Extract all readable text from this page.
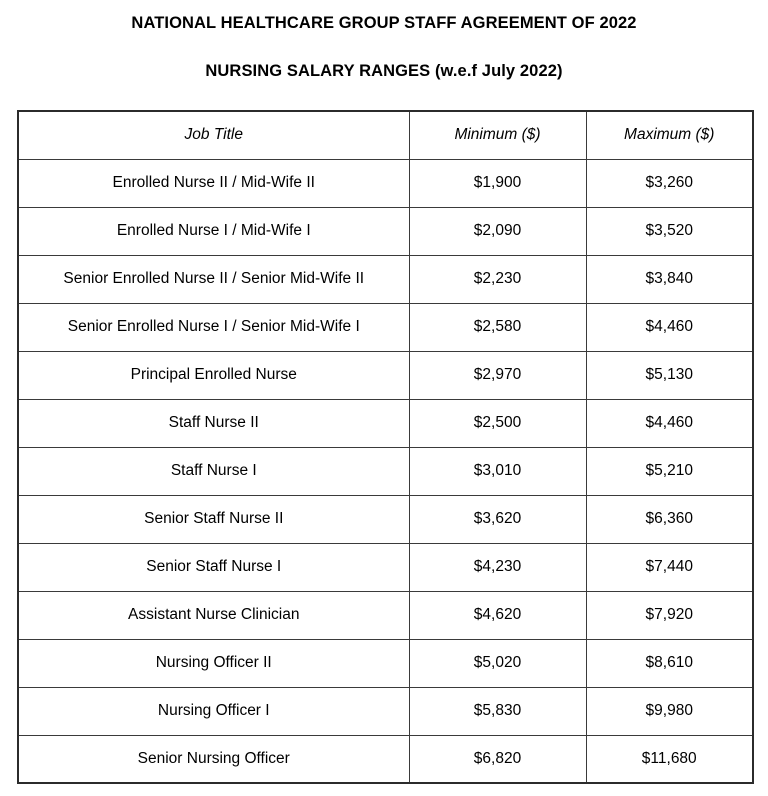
NATIONAL HEALTHCARE GROUP STAFF AGREEMENT OF 2022
NURSING SALARY RANGES (w.e.f July 2022)
Job Title	Minimum ($)	Maximum ($)
Enrolled Nurse II / Mid-Wife II	$1,900	$3,260
Enrolled Nurse I / Mid-Wife I	$2,090	$3,520
Senior Enrolled Nurse II / Senior Mid-Wife II	$2,230	$3,840
Senior Enrolled Nurse I / Senior Mid-Wife I	$2,580	$4,460
Principal Enrolled Nurse	$2,970	$5,130
Staff Nurse II	$2,500	$4,460
Staff Nurse I	$3,010	$5,210
Senior Staff Nurse II	$3,620	$6,360
Senior Staff Nurse I	$4,230	$7,440
Assistant Nurse Clinician	$4,620	$7,920
Nursing Officer II	$5,020	$8,610
Nursing Officer I	$5,830	$9,980
Senior Nursing Officer	$6,820	$11,680
